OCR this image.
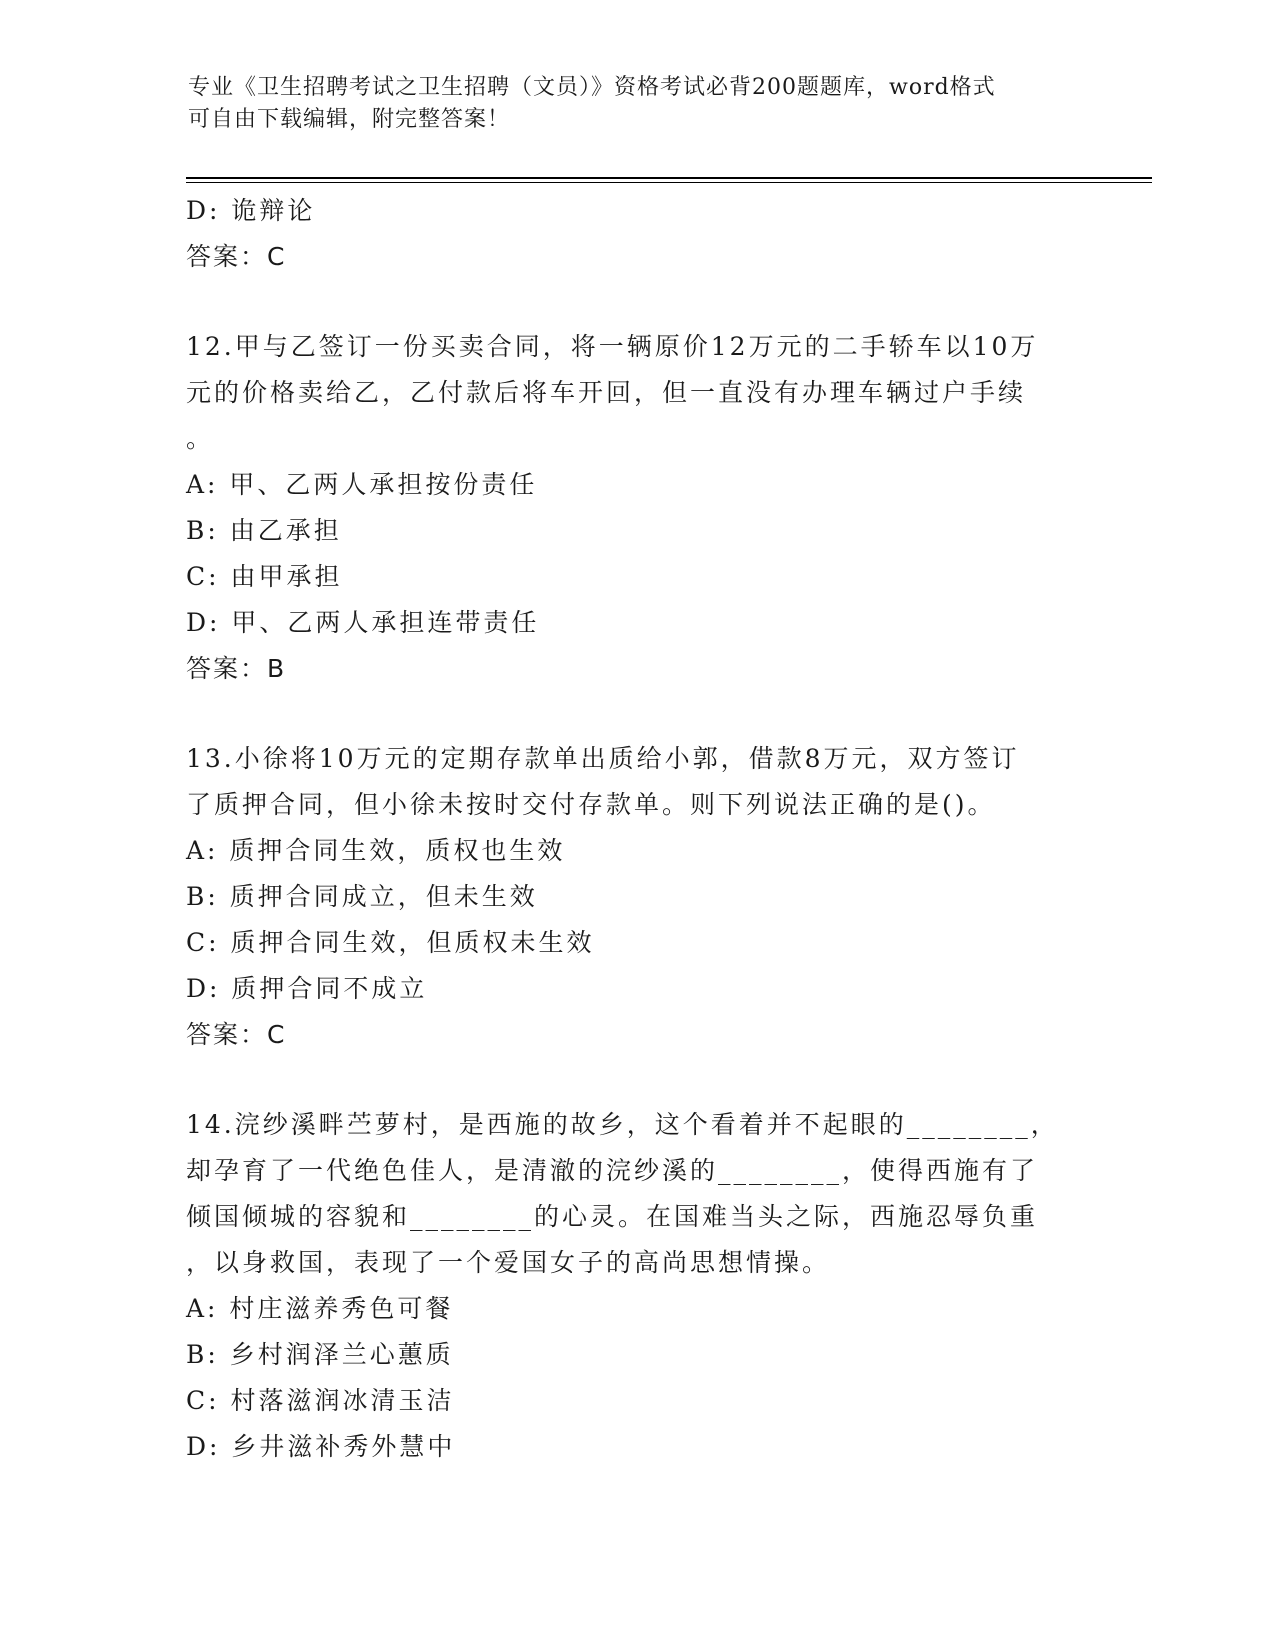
专业《卫生招聘考试之卫生招聘（文员）》资格考试必背200题题库，word格式
可自由下载编辑，附完整答案！
D: 诡辩论
答案：C
12.甲与乙签订一份买卖合同，将一辆原价12万元的二手轿车以10万
元的价格卖给乙，乙付款后将车开回，但一直没有办理车辆过户手续
。
A: 甲、乙两人承担按份责任
B: 由乙承担
C: 由甲承担
D: 甲、乙两人承担连带责任
答案：B
13.小徐将10万元的定期存款单出质给小郭，借款8万元，双方签订
了质押合同，但小徐未按时交付存款单。则下列说法正确的是()。
A: 质押合同生效，质权也生效
B: 质押合同成立，但未生效
C: 质押合同生效，但质权未生效
D: 质押合同不成立
答案：C
14.浣纱溪畔苎萝村，是西施的故乡，这个看着并不起眼的________，
却孕育了一代绝色佳人，是清澈的浣纱溪的________，使得西施有了
倾国倾城的容貌和________的心灵。在国难当头之际，西施忍辱负重
，以身救国，表现了一个爱国女子的高尚思想情操。
A: 村庄滋养秀色可餐
B: 乡村润泽兰心蕙质
C: 村落滋润冰清玉洁
D: 乡井滋补秀外慧中
